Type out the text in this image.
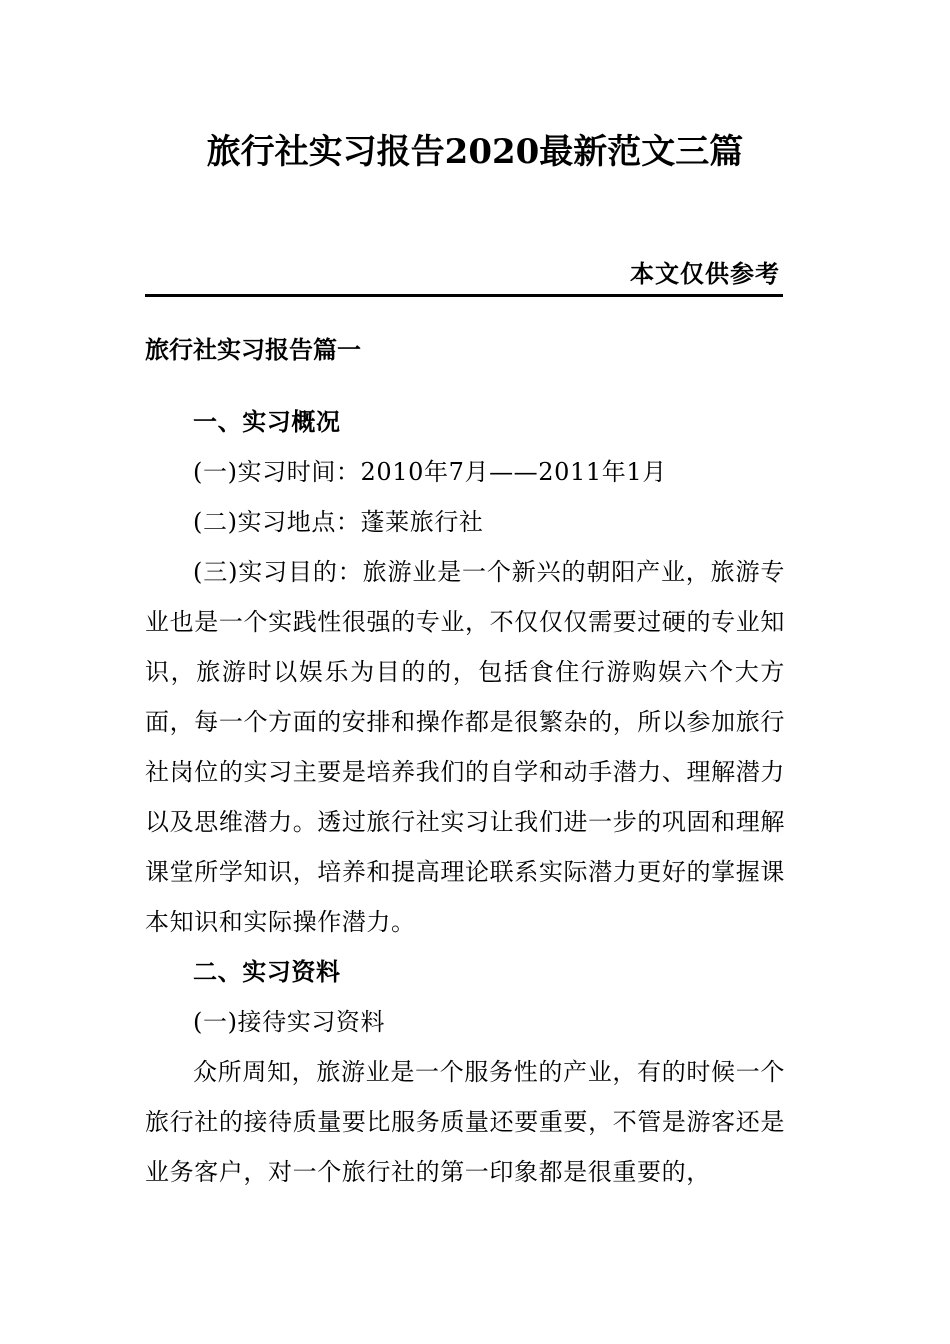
旅行社实习报告2020最新范文三篇

本文仅供参考

旅行社实习报告篇一

一、实习概况

(一)实习时间：2010年7月——2011年1月

(二)实习地点：蓬莱旅行社

(三)实习目的：旅游业是一个新兴的朝阳产业，旅游专业也是一个实践性很强的专业，不仅仅仅需要过硬的专业知识，旅游时以娱乐为目的的，包括食住行游购娱六个大方面，每一个方面的安排和操作都是很繁杂的，所以参加旅行社岗位的实习主要是培养我们的自学和动手潜力、理解潜力以及思维潜力。透过旅行社实习让我们进一步的巩固和理解课堂所学知识，培养和提高理论联系实际潜力更好的掌握课本知识和实际操作潜力。

二、实习资料

(一)接待实习资料

众所周知，旅游业是一个服务性的产业，有的时候一个旅行社的接待质量要比服务质量还要重要，不管是游客还是业务客户，对一个旅行社的第一印象都是很重要的，
